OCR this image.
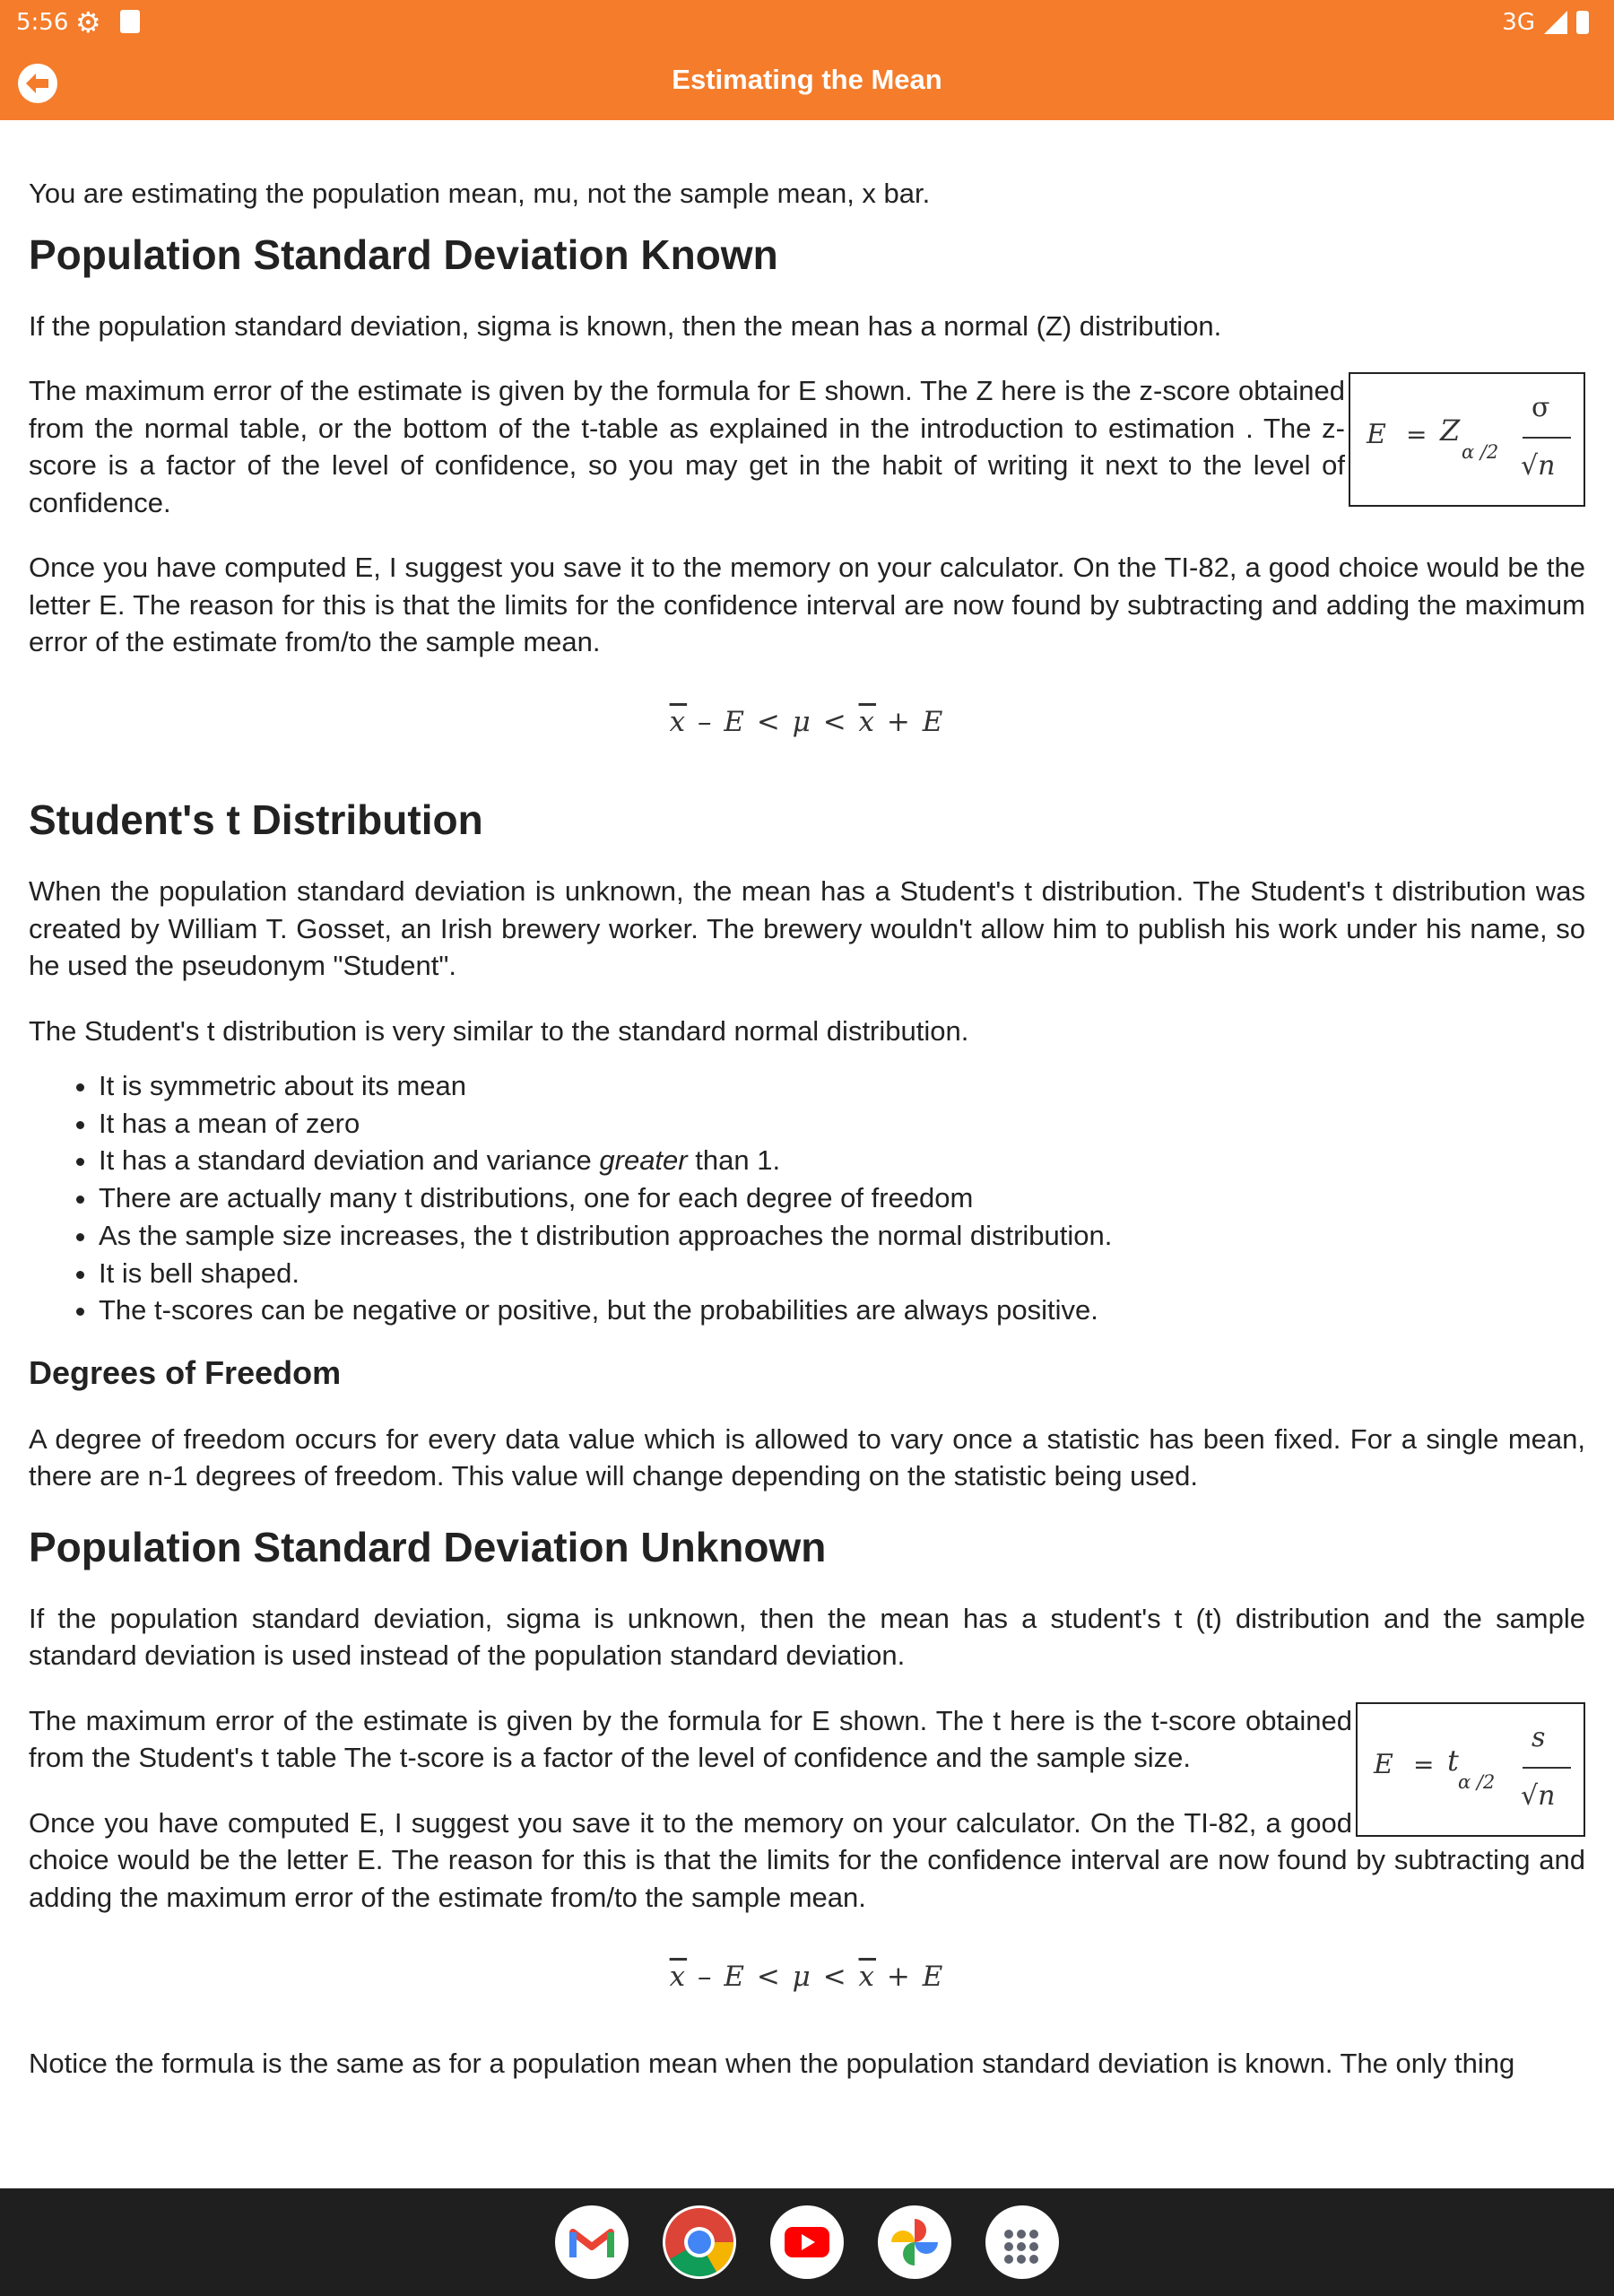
5:56 ⚙	3G
Estimating the Mean

You are estimating the population mean, mu, not the sample mean, x bar.

Population Standard Deviation Known

If the population standard deviation, sigma is known, then the mean has a normal (Z) distribution.

E = Z
α /2
σ
√n

The maximum error of the estimate is given by the formula for E shown. The Z here is the z-score obtained from the normal table, or the bottom of the t-table as explained in the introduction to estimation . The z-score is a factor of the level of confidence, so you may get in the habit of writing it next to the level of confidence.

Once you have computed E, I suggest you save it to the memory on your calculator. On the TI-82, a good choice would be the letter E. The reason for this is that the limits for the confidence interval are now found by subtracting and adding the maximum error of the estimate from/to the sample mean.

$\overline{x} - E < \mu < \overline{x} + E$
Student's t Distribution

When the population standard deviation is unknown, the mean has a Student's t distribution. The Student's t distribution was created by William T. Gosset, an Irish brewery worker. The brewery wouldn't allow him to publish his work under his name, so he used the pseudonym "Student".

The Student's t distribution is very similar to the standard normal distribution.

• It is symmetric about its mean
• It has a mean of zero
• It has a standard deviation and variance greater than 1.
• There are actually many t distributions, one for each degree of freedom
• As the sample size increases, the t distribution approaches the normal distribution.
• It is bell shaped.
• The t-scores can be negative or positive, but the probabilities are always positive.
Degrees of Freedom

A degree of freedom occurs for every data value which is allowed to vary once a statistic has been fixed. For a single mean, there are n-1 degrees of freedom. This value will change depending on the statistic being used.

Population Standard Deviation Unknown

If the population standard deviation, sigma is unknown, then the mean has a student's t (t) distribution and the sample standard deviation is used instead of the population standard deviation.

E = t
α /2
s
√n

The maximum error of the estimate is given by the formula for E shown. The t here is the t-score obtained from the Student's t table The t-score is a factor of the level of confidence and the sample size.

Once you have computed E, I suggest you save it to the memory on your calculator. On the TI-82, a good choice would be the letter E. The reason for this is that the limits for the confidence interval are now found by subtracting and adding the maximum error of the estimate from/to the sample mean.

$\overline{x} - E < \mu < \overline{x} + E$

Notice the formula is the same as for a population mean when the population standard deviation is known. The only thing
